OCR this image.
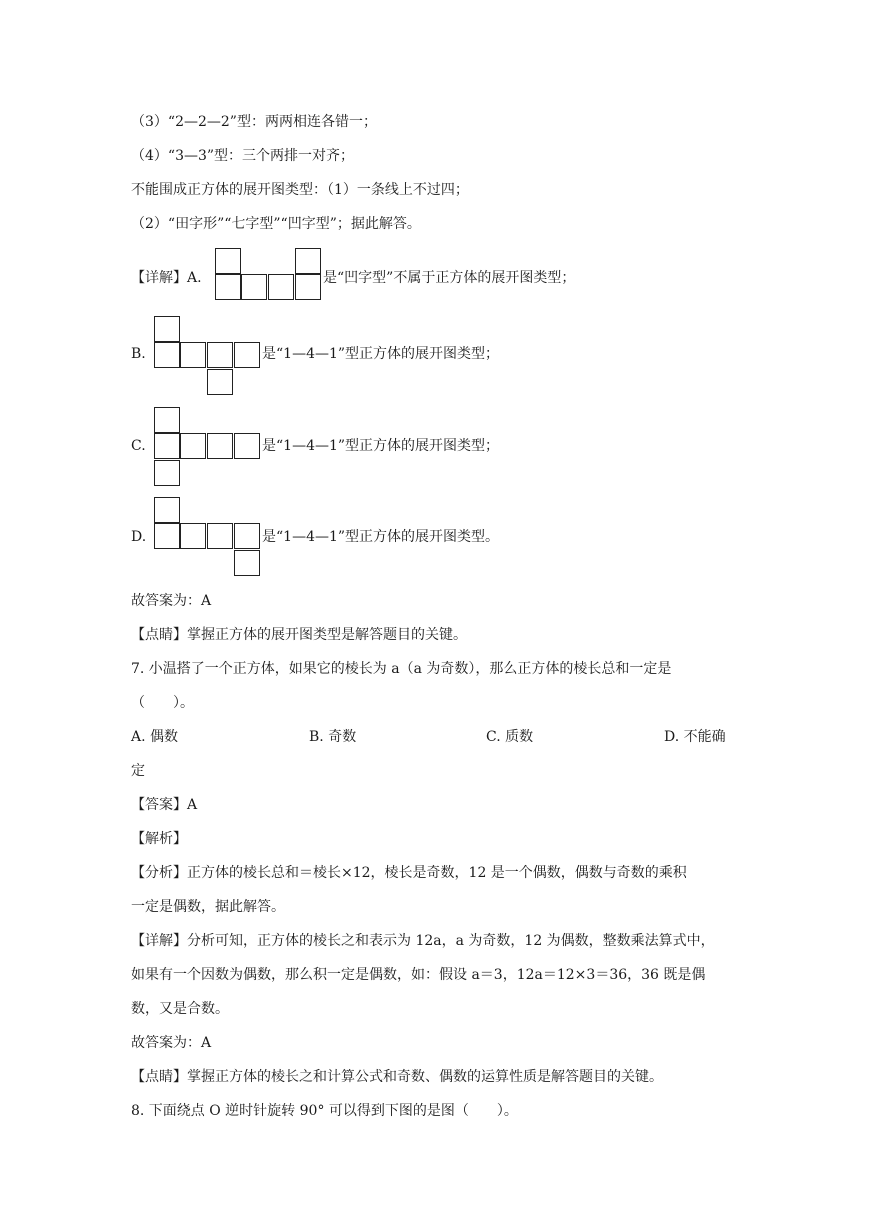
（3）“2—2—2”型：两两相连各错一；
（4）“3—3”型：三个两排一对齐；
不能围成正方体的展开图类型：（1）一条线上不过四；
（2）“田字形”“七字型”“凹字型”；据此解答。
【详解】A.	是“凹字型”不属于正方体的展开图类型；
B.	是“1—4—1”型正方体的展开图类型；
C.	是“1—4—1”型正方体的展开图类型；
D.	是“1—4—1”型正方体的展开图类型。
故答案为：A
【点睛】掌握正方体的展开图类型是解答题目的关键。
7. 小温搭了一个正方体，如果它的棱长为 a（a 为奇数），那么正方体的棱长总和一定是
（　　）。
A. 偶数	B. 奇数	C. 质数	D. 不能确
定
【答案】A
【解析】
【分析】正方体的棱长总和＝棱长×12，棱长是奇数，12 是一个偶数，偶数与奇数的乘积
一定是偶数，据此解答。
【详解】分析可知，正方体的棱长之和表示为 12a，a 为奇数，12 为偶数，整数乘法算式中，
如果有一个因数为偶数，那么积一定是偶数，如：假设 a＝3，12a＝12×3＝36，36 既是偶
数，又是合数。
故答案为：A
【点睛】掌握正方体的棱长之和计算公式和奇数、偶数的运算性质是解答题目的关键。
8. 下面绕点 O 逆时针旋转 90° 可以得到下图的是图（　　）。
